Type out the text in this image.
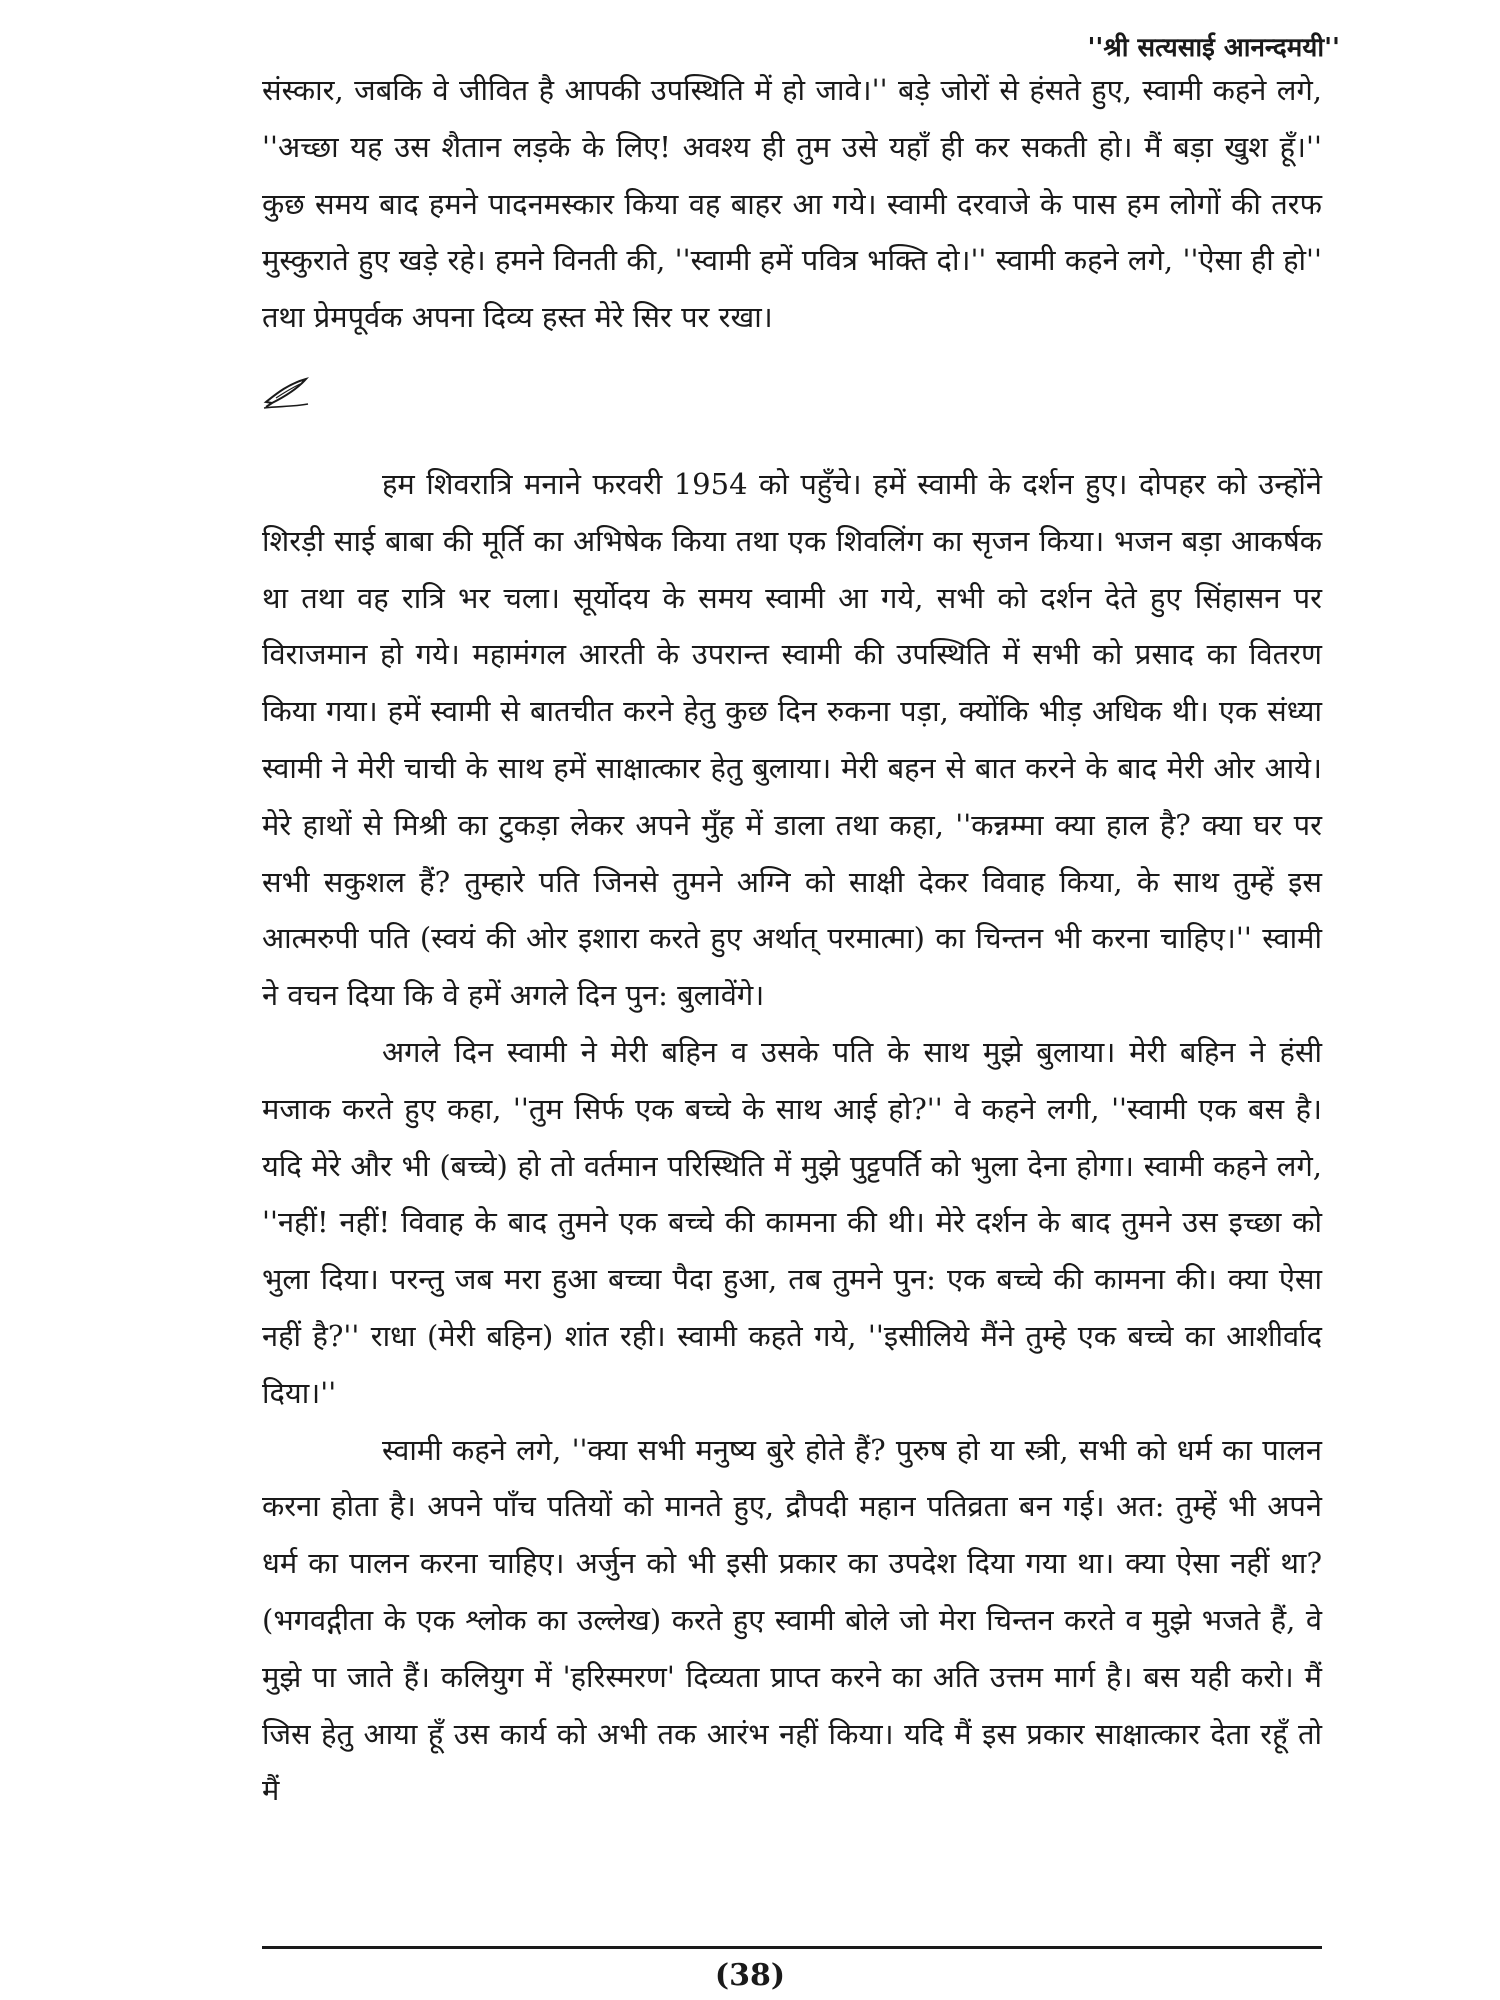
''श्री सत्यसाई आनन्दमयी''

संस्कार, जबकि वे जीवित है आपकी उपस्थिति में हो जावे।'' बड़े जोरों से हंसते हुए, स्वामी कहने लगे, ''अच्छा यह उस शैतान लड़के के लिए! अवश्य ही तुम उसे यहाँ ही कर सकती हो। मैं बड़ा खुश हूँ।'' कुछ समय बाद हमने पादनमस्कार किया वह बाहर आ गये। स्वामी दरवाजे के पास हम लोगों की तरफ मुस्कुराते हुए खड़े रहे। हमने विनती की, ''स्वामी हमें पवित्र भक्ति दो।'' स्वामी कहने लगे, ''ऐसा ही हो'' तथा प्रेमपूर्वक अपना दिव्य हस्त मेरे सिर पर रखा।

हम शिवरात्रि मनाने फरवरी 1954 को पहुँचे। हमें स्वामी के दर्शन हुए। दोपहर को उन्होंने शिरड़ी साई बाबा की मूर्ति का अभिषेक किया तथा एक शिवलिंग का सृजन किया। भजन बड़ा आकर्षक था तथा वह रात्रि भर चला। सूर्योदय के समय स्वामी आ गये, सभी को दर्शन देते हुए सिंहासन पर विराजमान हो गये। महामंगल आरती के उपरान्त स्वामी की उपस्थिति में सभी को प्रसाद का वितरण किया गया। हमें स्वामी से बातचीत करने हेतु कुछ दिन रुकना पड़ा, क्योंकि भीड़ अधिक थी। एक संध्या स्वामी ने मेरी चाची के साथ हमें साक्षात्कार हेतु बुलाया। मेरी बहन से बात करने के बाद मेरी ओर आये। मेरे हाथों से मिश्री का टुकड़ा लेकर अपने मुँह में डाला तथा कहा, ''कन्नम्मा क्या हाल है? क्या घर पर सभी सकुशल हैं? तुम्हारे पति जिनसे तुमने अग्नि को साक्षी देकर विवाह किया, के साथ तुम्हें इस आत्मरुपी पति (स्वयं की ओर इशारा करते हुए अर्थात् परमात्मा) का चिन्तन भी करना चाहिए।'' स्वामी ने वचन दिया कि वे हमें अगले दिन पुन: बुलावेंगे।

अगले दिन स्वामी ने मेरी बहिन व उसके पति के साथ मुझे बुलाया। मेरी बहिन ने हंसी मजाक करते हुए कहा, ''तुम सिर्फ एक बच्चे के साथ आई हो?'' वे कहने लगी, ''स्वामी एक बस है। यदि मेरे और भी (बच्चे) हो तो वर्तमान परिस्थिति में मुझे पुट्टपर्ति को भुला देना होगा। स्वामी कहने लगे, ''नहीं! नहीं! विवाह के बाद तुमने एक बच्चे की कामना की थी। मेरे दर्शन के बाद तुमने उस इच्छा को भुला दिया। परन्तु जब मरा हुआ बच्चा पैदा हुआ, तब तुमने पुन: एक बच्चे की कामना की। क्या ऐसा नहीं है?'' राधा (मेरी बहिन) शांत रही। स्वामी कहते गये, ''इसीलिये मैंने तुम्हे एक बच्चे का आशीर्वाद दिया।''

स्वामी कहने लगे, ''क्या सभी मनुष्य बुरे होते हैं? पुरुष हो या स्त्री, सभी को धर्म का पालन करना होता है। अपने पाँच पतियों को मानते हुए, द्रौपदी महान पतिव्रता बन गई। अत: तुम्हें भी अपने धर्म का पालन करना चाहिए। अर्जुन को भी इसी प्रकार का उपदेश दिया गया था। क्या ऐसा नहीं था? (भगवद्गीता के एक श्लोक का उल्लेख) करते हुए स्वामी बोले जो मेरा चिन्तन करते व मुझे भजते हैं, वे मुझे पा जाते हैं। कलियुग में 'हरिस्मरण' दिव्यता प्राप्त करने का अति उत्तम मार्ग है। बस यही करो। मैं जिस हेतु आया हूँ उस कार्य को अभी तक आरंभ नहीं किया। यदि मैं इस प्रकार साक्षात्कार देता रहूँ तो मैं

(38)
